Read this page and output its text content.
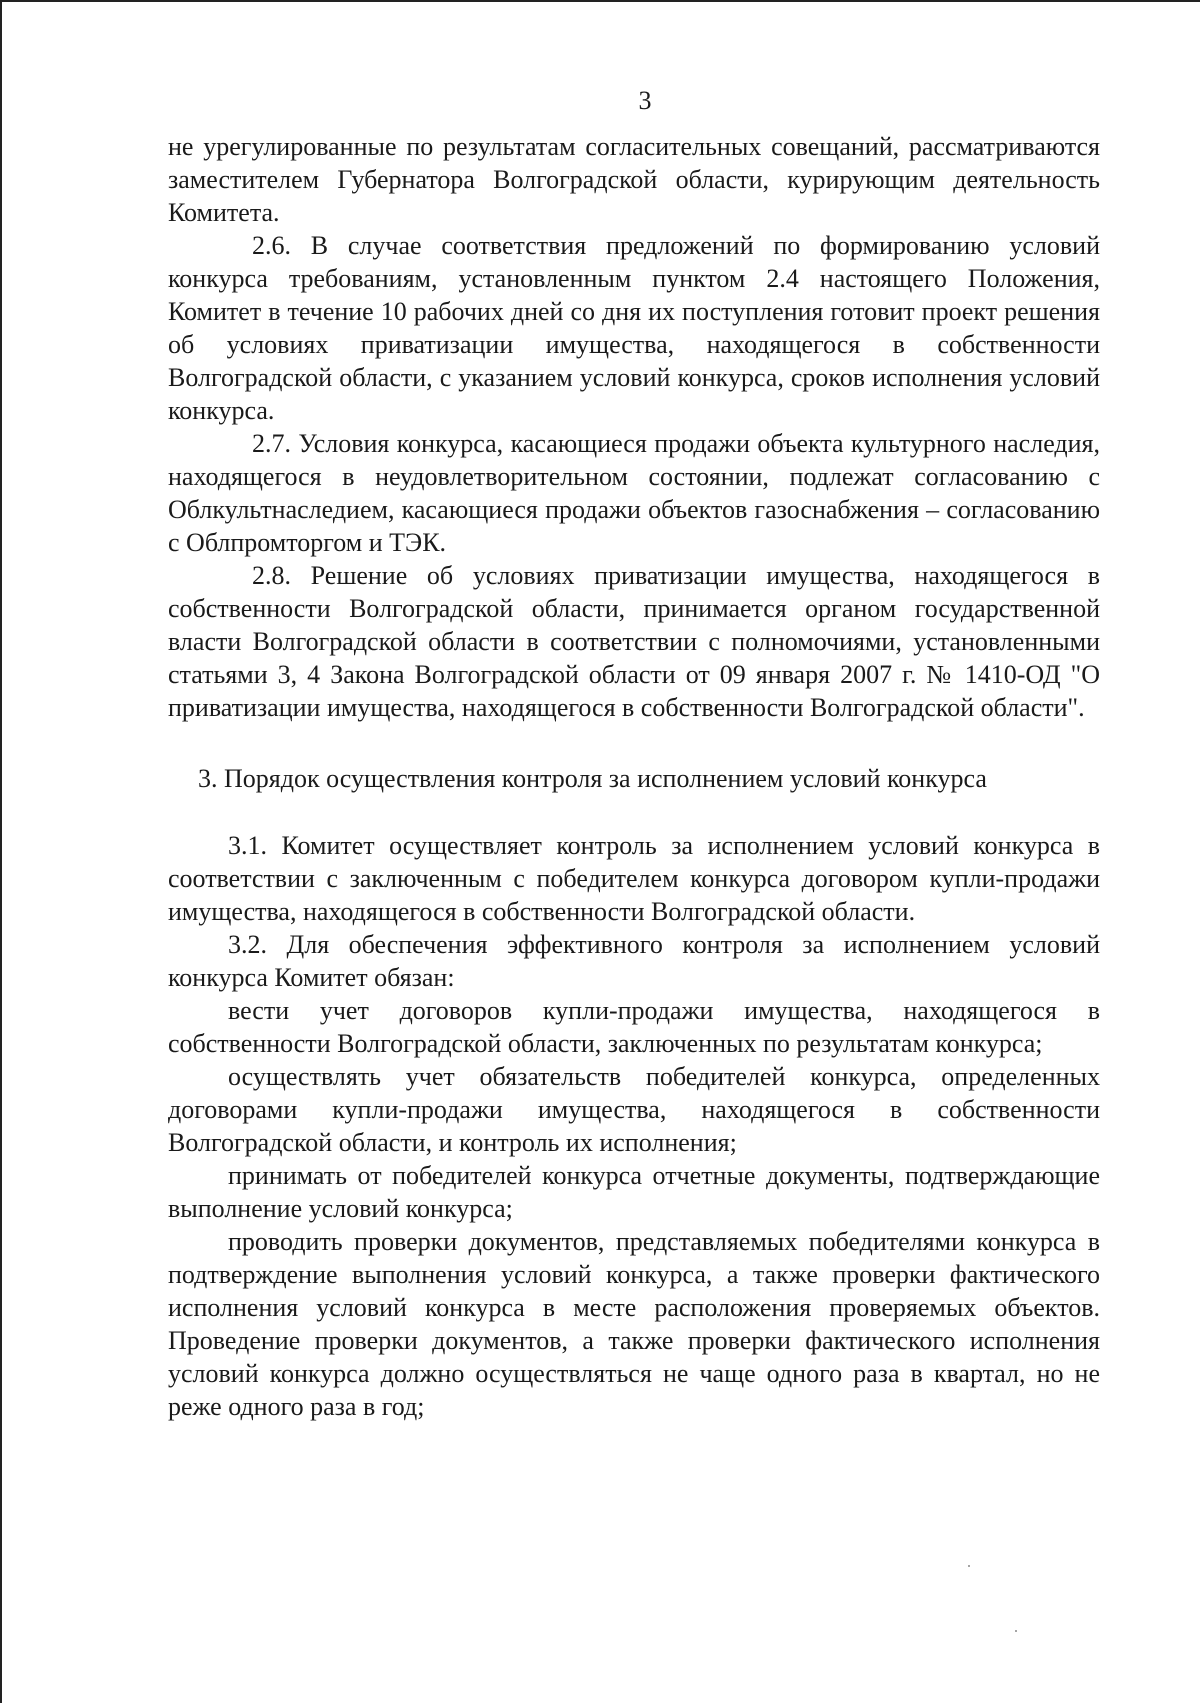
3

не урегулированные по результатам согласительных совещаний, рассматриваются заместителем Губернатора Волгоградской области, курирующим деятельность Комитета.

2.6. В случае соответствия предложений по формированию условий конкурса требованиям, установленным пунктом 2.4 настоящего Положения, Комитет в течение 10 рабочих дней со дня их поступления готовит проект решения об условиях приватизации имущества, находящегося в собственности Волгоградской области, с указанием условий конкурса, сроков исполнения условий конкурса.

2.7. Условия конкурса, касающиеся продажи объекта культурного наследия, находящегося в неудовлетворительном состоянии, подлежат согласованию с Облкультнаследием, касающиеся продажи объектов газоснабжения – согласованию с Облпромторгом и ТЭК.

2.8. Решение об условиях приватизации имущества, находящегося в собственности Волгоградской области, принимается органом государственной власти Волгоградской области в соответствии с полномочиями, установленными статьями 3, 4 Закона Волгоградской области от 09 января 2007 г. № 1410-ОД "О приватизации имущества, находящегося в собственности Волгоградской области".

3. Порядок осуществления контроля за исполнением условий конкурса

3.1. Комитет осуществляет контроль за исполнением условий конкурса в соответствии с заключенным с победителем конкурса договором купли-продажи имущества, находящегося в собственности Волгоградской области.

3.2. Для обеспечения эффективного контроля за исполнением условий конкурса Комитет обязан:

вести учет договоров купли-продажи имущества, находящегося в собственности Волгоградской области, заключенных по результатам конкурса;

осуществлять учет обязательств победителей конкурса, определенных договорами купли-продажи имущества, находящегося в собственности Волгоградской области, и контроль их исполнения;

принимать от победителей конкурса отчетные документы, подтверждающие выполнение условий конкурса;

проводить проверки документов, представляемых победителями конкурса в подтверждение выполнения условий конкурса, а также проверки фактического исполнения условий конкурса в месте расположения проверяемых объектов. Проведение проверки документов, а также проверки фактического исполнения условий конкурса должно осуществляться не чаще одного раза в квартал, но не реже одного раза в год;
